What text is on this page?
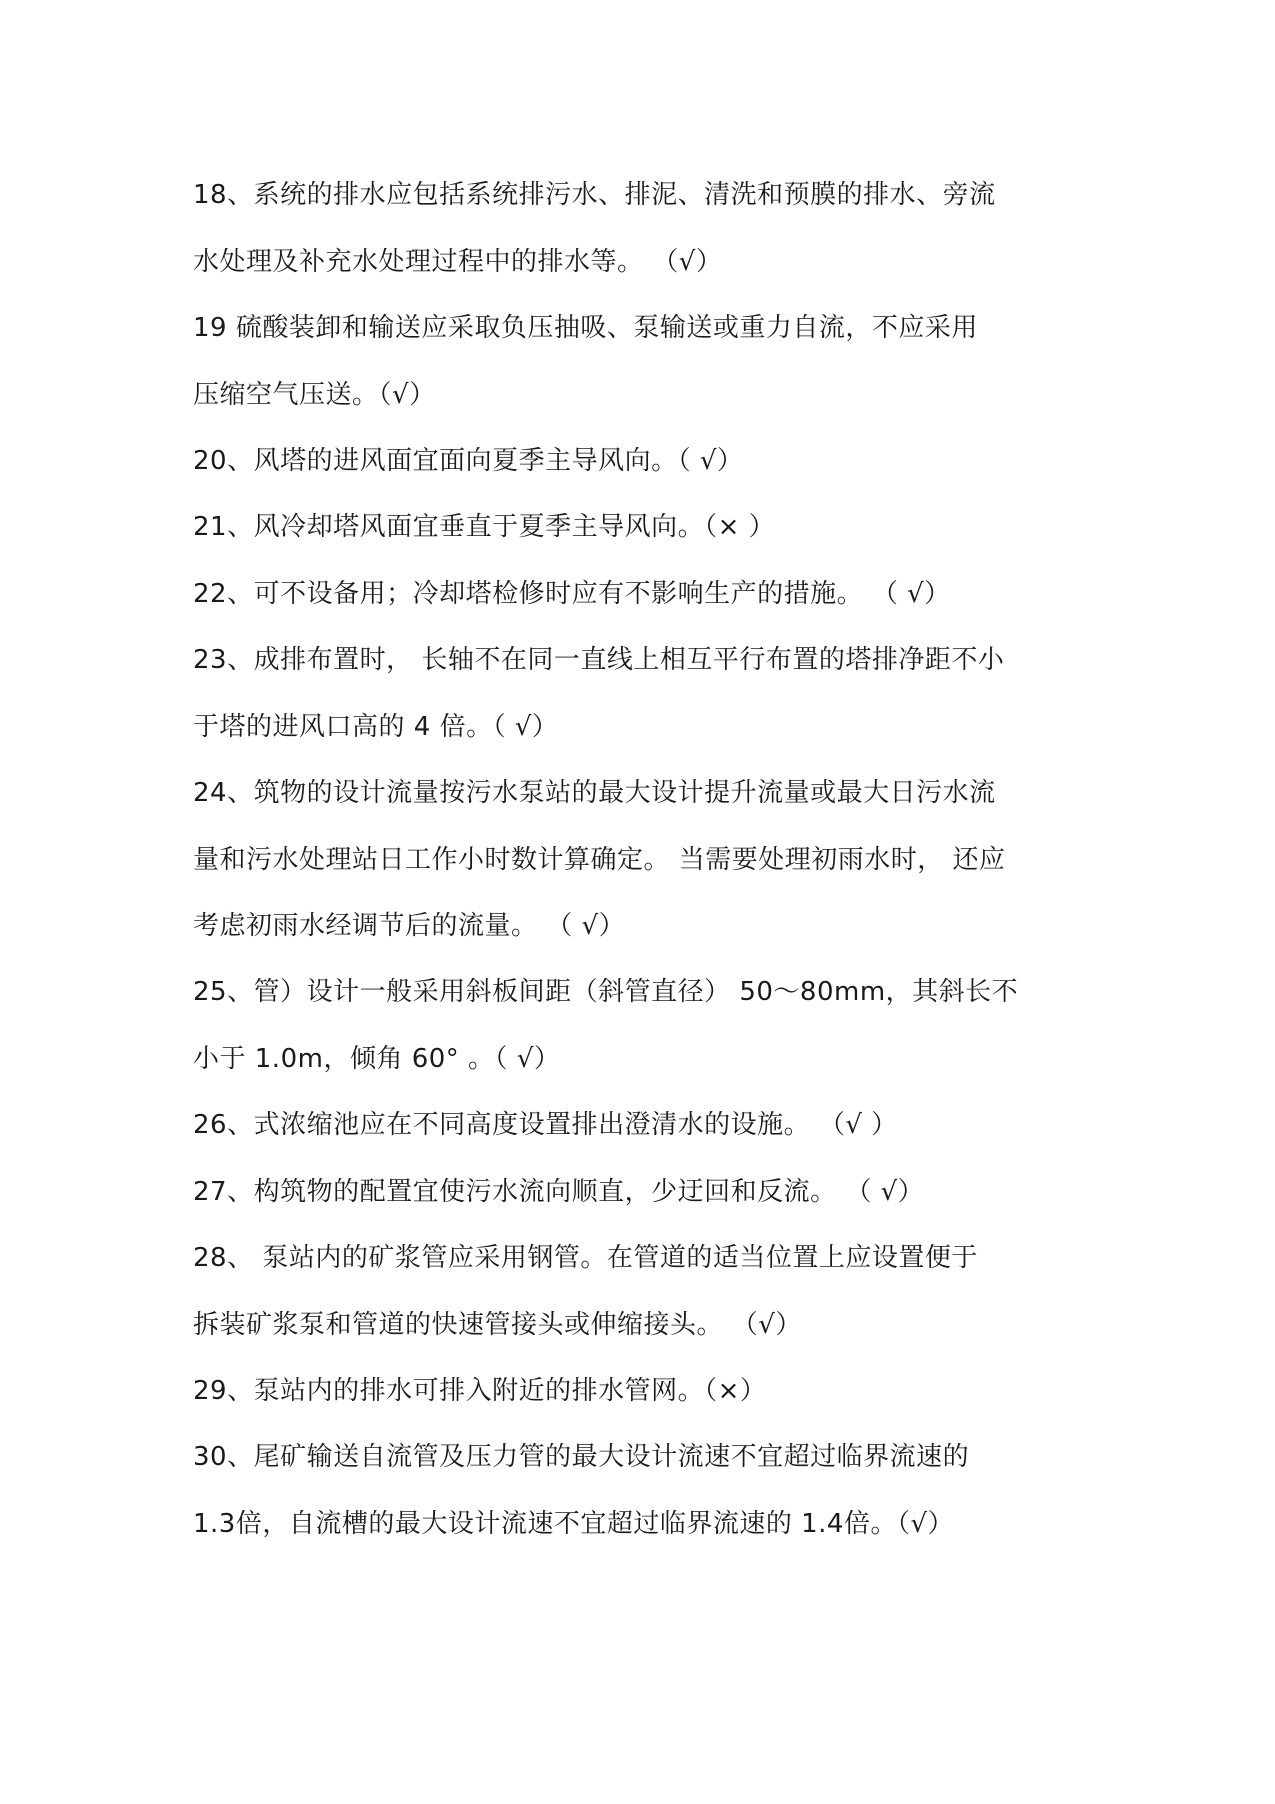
18、系统的排水应包括系统排污水、排泥、清洗和预膜的排水、旁流
水处理及补充水处理过程中的排水等。 （√）
19 硫酸装卸和输送应采取负压抽吸、泵输送或重力自流，不应采用
压缩空气压送。（√）
20、风塔的进风面宜面向夏季主导风向。（ √）
21、风冷却塔风面宜垂直于夏季主导风向。（× ）
22、可不设备用；冷却塔检修时应有不影响生产的措施。 （ √）
23、成排布置时， 长轴不在同一直线上相互平行布置的塔排净距不小
于塔的进风口高的 4 倍。（ √）
24、筑物的设计流量按污水泵站的最大设计提升流量或最大日污水流
量和污水处理站日工作小时数计算确定。 当需要处理初雨水时， 还应
考虑初雨水经调节后的流量。 （ √）
25、管）设计一般采用斜板间距（斜管直径） 50～80mm，其斜长不
小于 1.0m，倾角 60° 。（ √）
26、式浓缩池应在不同高度设置排出澄清水的设施。 （√ ）
27、构筑物的配置宜使污水流向顺直，少迂回和反流。 （ √）
28、 泵站内的矿浆管应采用钢管。在管道的适当位置上应设置便于
拆装矿浆泵和管道的快速管接头或伸缩接头。 （√）
29、泵站内的排水可排入附近的排水管网。（×）
30、尾矿输送自流管及压力管的最大设计流速不宜超过临界流速的
1.3倍，自流槽的最大设计流速不宜超过临界流速的 1.4倍。（√）
